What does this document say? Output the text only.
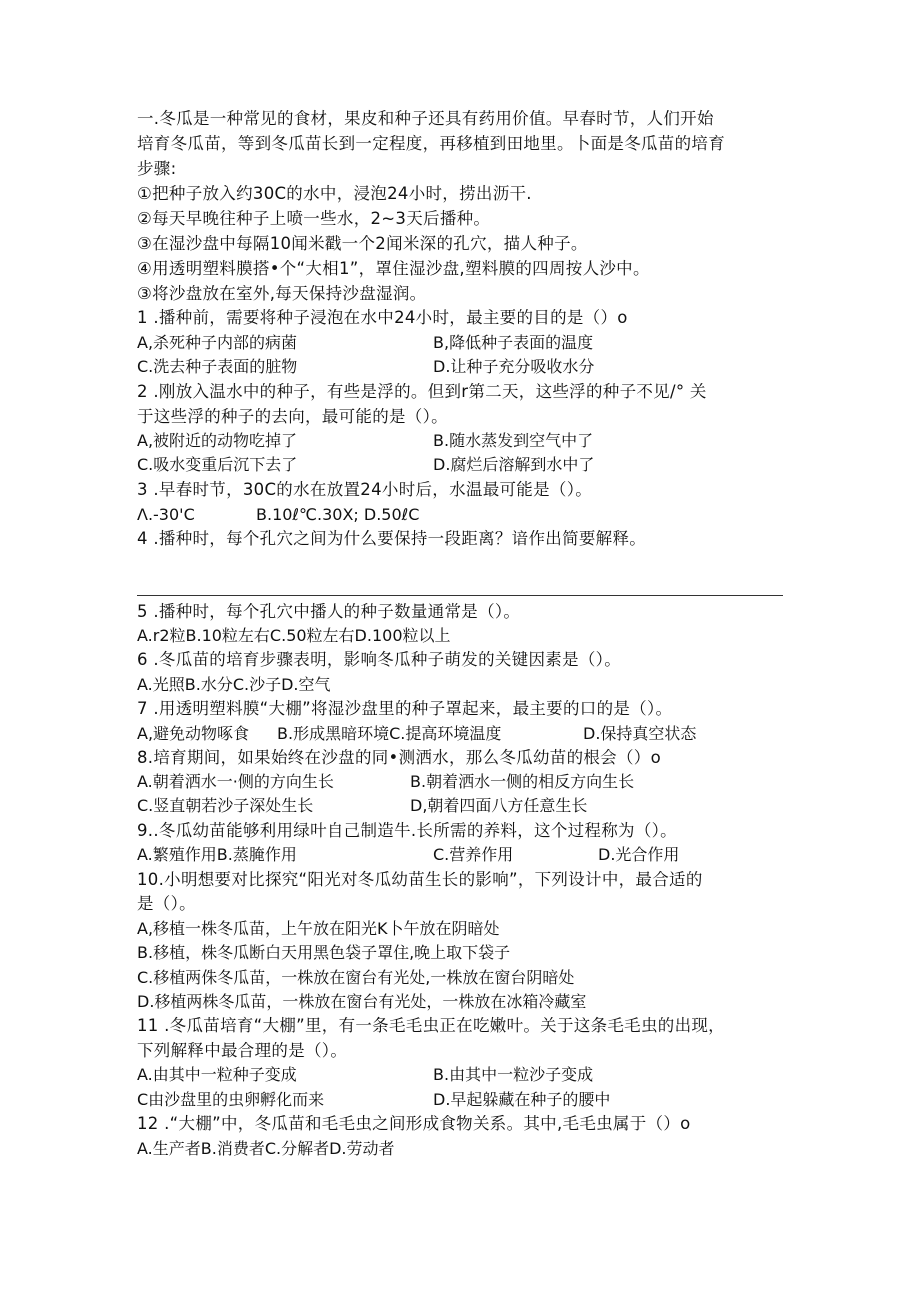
一.冬瓜是一种常见的食材，果皮和种子还具有药用价值。早春时节，人们开始
培育冬瓜苗，等到冬瓜苗长到一定程度，再移植到田地里。卜面是冬瓜苗的培育
步骤:
①把种子放入约30C的水中，浸泡24小时，捞出沥干.
②每天早晚往种子上喷一些水，2~3天后播种。
③在湿沙盘中每隔10闻米戳一个2闻米深的孔穴，描人种子。
④用透明塑料膜搭•个“大相1”，罩住湿沙盘,塑料膜的四周按人沙中。
③将沙盘放在室外,每天保持沙盘湿润。
1 .播种前，需要将种子浸泡在水中24小时，最主要的目的是（）o
A,杀死种子内部的病菌	B,降低种子表面的温度
C.洗去种子表面的脏物	D.让种子充分吸收水分
2 .刚放入温水中的种子，有些是浮的。但到r第二天，这些浮的种子不见/° 关
于这些浮的种子的去向，最可能的是（）。
A,被附近的动物吃掉了	B.随水蒸发到空气中了
C.吸水变重后沉下去了	D.腐烂后溶解到水中了
3 .早春时节，30C的水在放置24小时后，水温最可能是（）。
Λ.-30'C	B.10ℓ℃.30X; D.50ℓC
4 .播种时，每个孔穴之间为什么要保持一段距离？谙作出简要解释。
5 .播种时，每个孔穴中播人的种子数量通常是（）。
A.r2粒B.10粒左右C.50粒左右D.100粒以上
6 .冬瓜苗的培育步骤表明，影响冬瓜种子萌发的关键因素是（）。
A.光照B.水分C.沙子D.空气
7 .用透明塑料膜“大棚”将湿沙盘里的种子罩起来，最主要的口的是（）。
A,避免动物啄食 B.形成黑暗环境C.提高环境温度	D.保持真空状态
8.培育期间，如果始终在沙盘的同•测洒水，那么冬瓜幼苗的根会（）o
A.朝着洒水一·侧的方向生长	B.朝着洒水一侧的相反方向生长
C.竖直朝若沙子深处生长	D,朝着四面八方任意生长
9..冬瓜幼苗能够利用绿叶自己制造牛.长所需的养料，这个过程称为（）。
A.繁殖作用B.蒸腌作用	C.营养作用	D.光合作用
10.小明想要对比探究“阳光对冬瓜幼苗生长的影响”，下列设计中，最合适的
是（）。
A,移植一株冬瓜苗，上午放在阳光K卜午放在阴暗处
B.移植，株冬瓜断白天用黑色袋子罩住,晚上取下袋子
C.移植两侏冬瓜苗，一株放在窗台有光处,一株放在窗台阴暗处
D.移植两株冬瓜苗，一株放在窗台有光处，一株放在冰箱冷藏室
11 .冬瓜苗培育“大棚”里，有一条毛毛虫正在吃嫩叶。关于这条毛毛虫的出现，
下列解释中最合理的是（）。
A.由其中一粒种子变成	B.由其中一粒沙子变成
C由沙盘里的虫卵孵化而来	D.早起躲藏在种子的腰中
12 .“大棚”中，冬瓜苗和毛毛虫之间形成食物关系。其中,毛毛虫属于（）o
A.生产者B.消费者C.分解者D.劳动者
